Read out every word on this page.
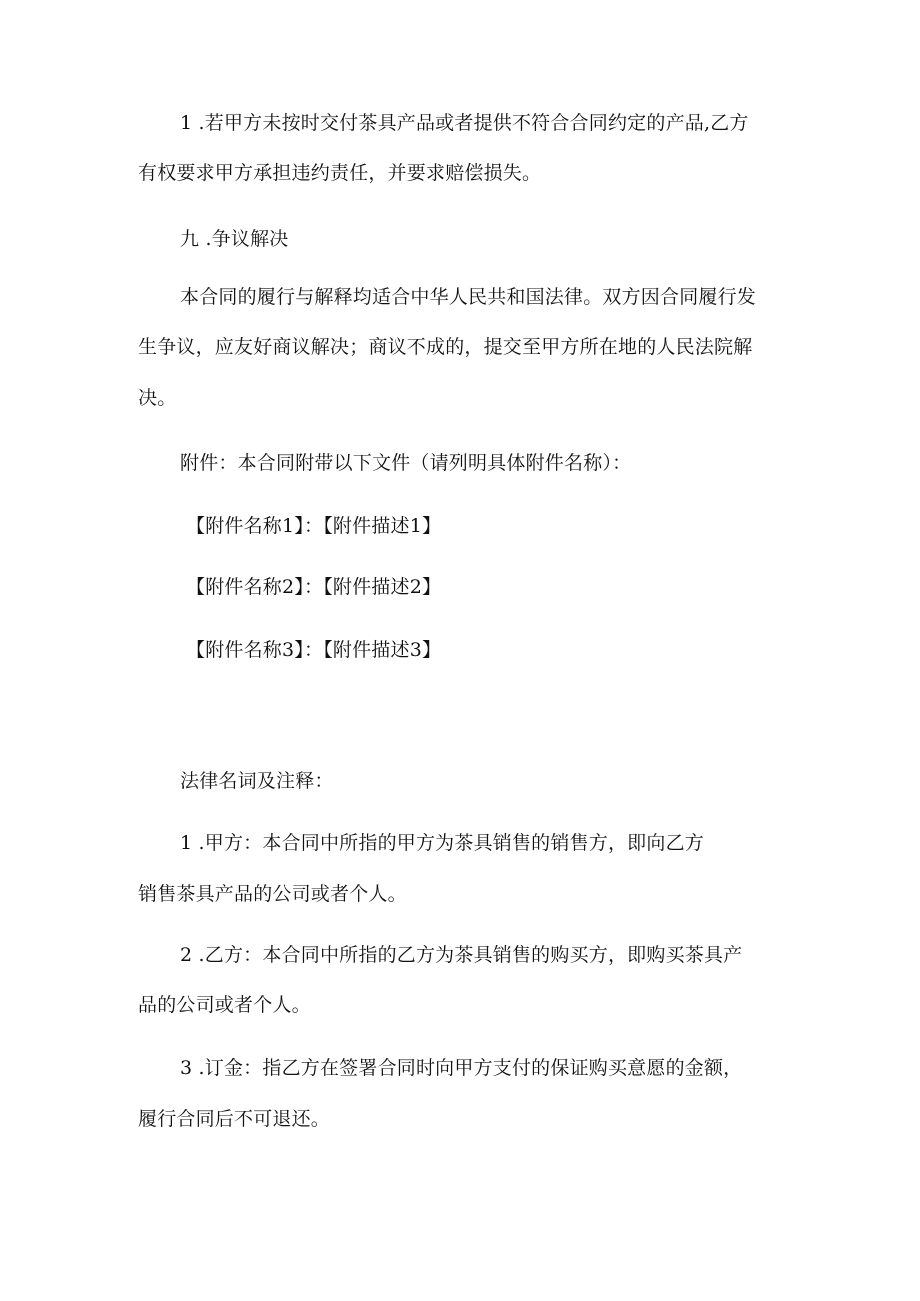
1 .若甲方未按时交付茶具产品或者提供不符合合同约定的产品,乙方
有权要求甲方承担违约责任，并要求赔偿损失。
九 .争议解决
本合同的履行与解释均适合中华人民共和国法律。双方因合同履行发
生争议，应友好商议解决；商议不成的，提交至甲方所在地的人民法院解
决。
附件：本合同附带以下文件（请列明具体附件名称）：
【附件名称1】：【附件描述1】
【附件名称2】：【附件描述2】
【附件名称3】：【附件描述3】
法律名词及注释：
1 .甲方：本合同中所指的甲方为茶具销售的销售方，即向乙方
销售茶具产品的公司或者个人。
2 .乙方：本合同中所指的乙方为茶具销售的购买方，即购买茶具产
品的公司或者个人。
3 .订金：指乙方在签署合同时向甲方支付的保证购买意愿的金额，
履行合同后不可退还。
